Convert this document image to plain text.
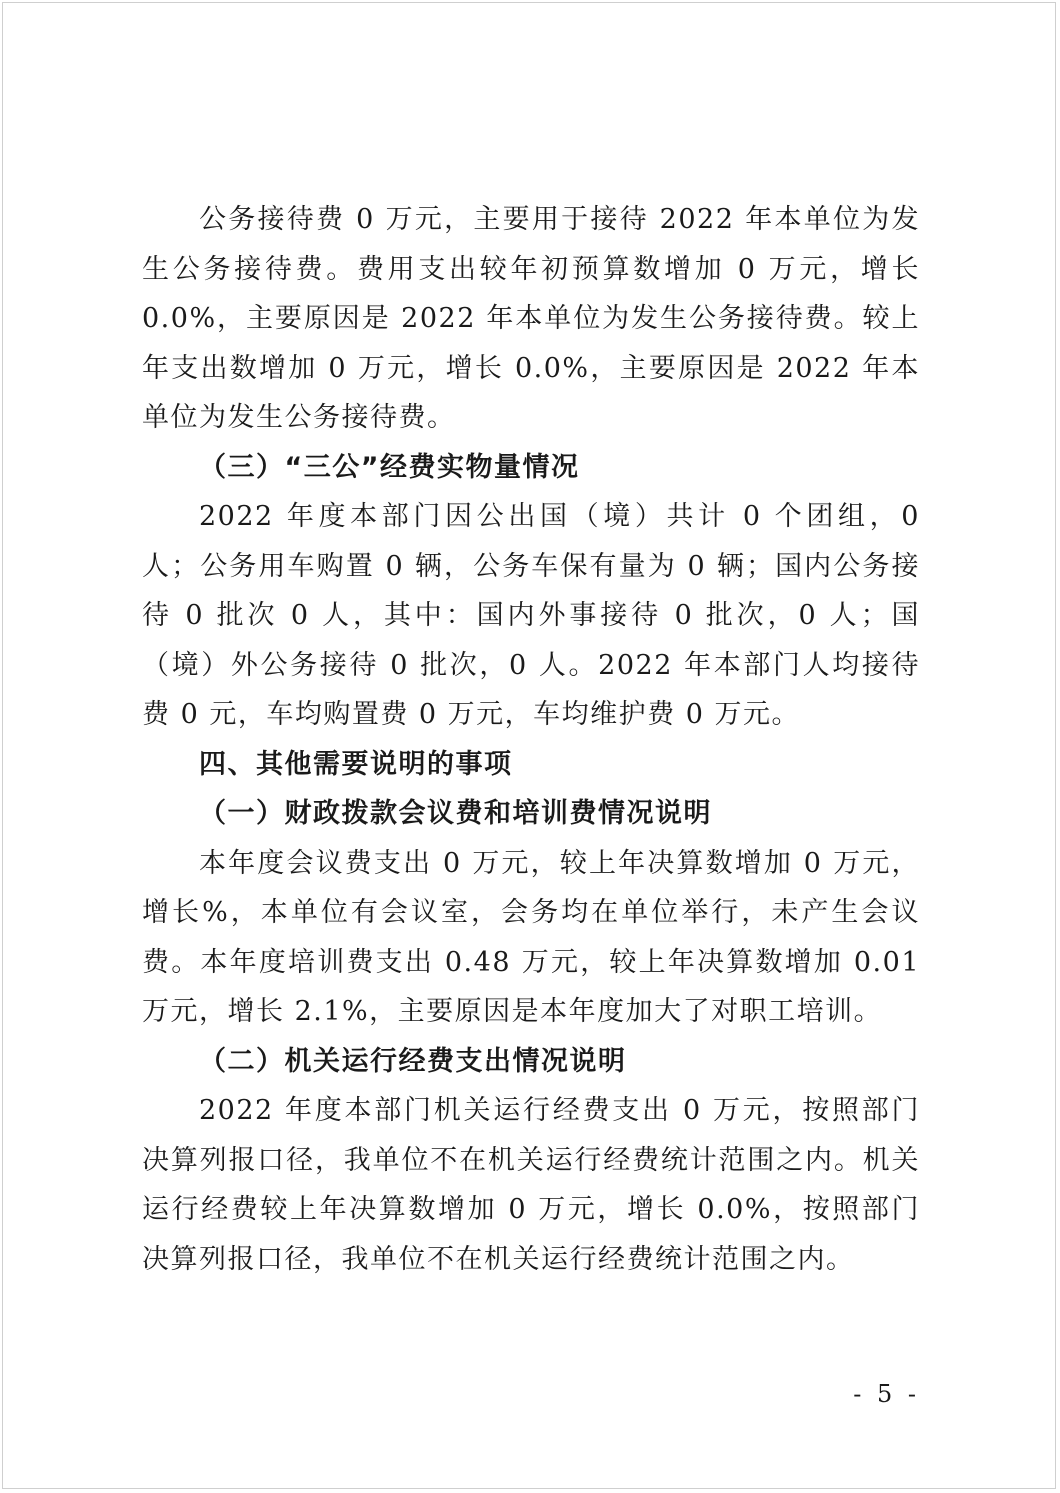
公务接待费 0 万元，主要用于接待 2022 年本单位为发生公务接待费。费用支出较年初预算数增加 0 万元，增长 0.0%，主要原因是 2022 年本单位为发生公务接待费。较上年支出数增加 0 万元，增长 0.0%，主要原因是 2022 年本单位为发生公务接待费。

（三）“三公”经费实物量情况

2022 年度本部门因公出国（境）共计 0 个团组，0 人；公务用车购置 0 辆，公务车保有量为 0 辆；国内公务接待 0 批次 0 人，其中：国内外事接待 0 批次，0 人；国（境）外公务接待 0 批次，0 人。2022 年本部门人均接待费 0 元，车均购置费 0 万元，车均维护费 0 万元。

四、其他需要说明的事项

（一）财政拨款会议费和培训费情况说明

本年度会议费支出 0 万元，较上年决算数增加 0 万元，增长%，本单位有会议室，会务均在单位举行，未产生会议费。本年度培训费支出 0.48 万元，较上年决算数增加 0.01 万元，增长 2.1%，主要原因是本年度加大了对职工培训。

（二）机关运行经费支出情况说明

2022 年度本部门机关运行经费支出 0 万元，按照部门决算列报口径，我单位不在机关运行经费统计范围之内。机关运行经费较上年决算数增加 0 万元，增长 0.0%，按照部门决算列报口径，我单位不在机关运行经费统计范围之内。

- 5 -
